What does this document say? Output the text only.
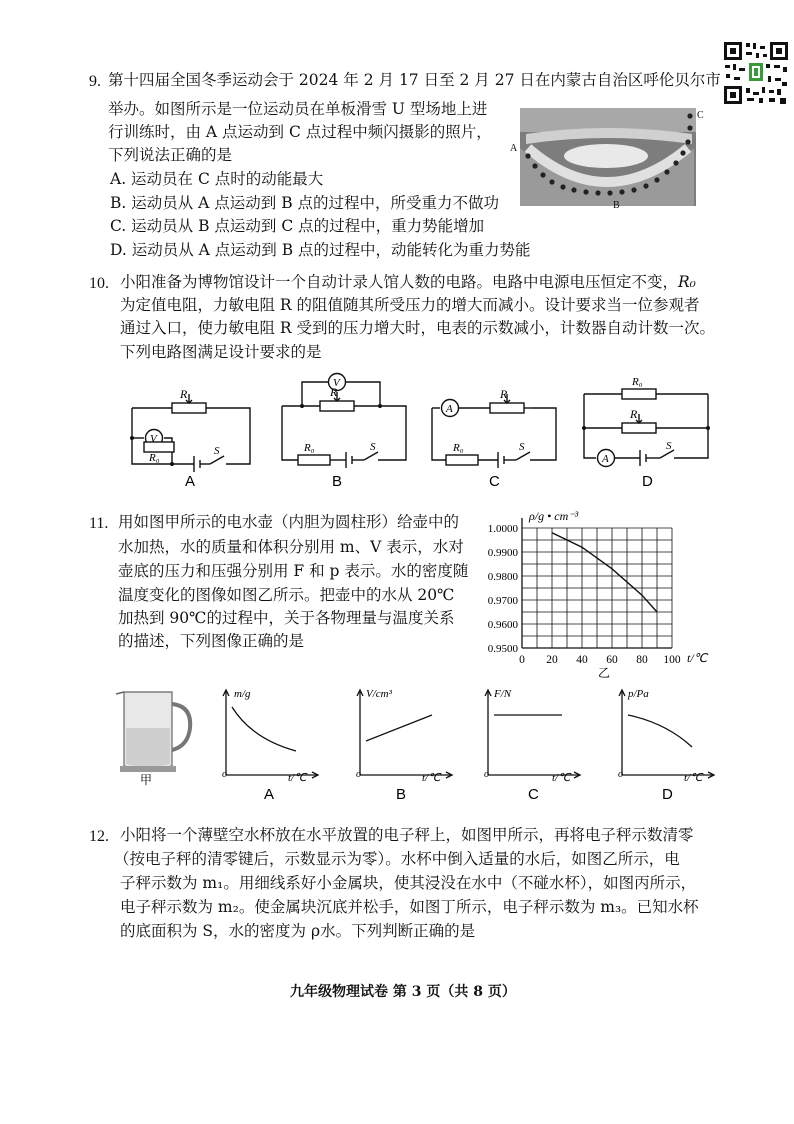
9. 第十四届全国冬季运动会于 2024 年 2 月 17 日至 2 月 27 日在内蒙古自治区呼伦贝尔市
举办。如图所示是一位运动员在单板滑雪 U 型场地上进
行训练时，由 A 点运动到 C 点过程中频闪摄影的照片，
下列说法正确的是
A. 运动员在 C 点时的动能最大
B. 运动员从 A 点运动到 B 点的过程中，所受重力不做功
C. 运动员从 B 点运动到 C 点的过程中，重力势能增加
D. 运动员从 A 点运动到 B 点的过程中，动能转化为重力势能
A
B
C
10. 小阳准备为博物馆设计一个自动计录人馆人数的电路。电路中电源电压恒定不变，R₀
为定值电阻，力敏电阻 R 的阻值随其所受压力的增大而减小。设计要求当一位参观者
通过入口，使力敏电阻 R 受到的压力增大时，电表的示数减小，计数器自动计数一次。
下列电路图满足设计要求的是
R
V
R₀
S
A
V
R
R₀	S
B
A
R
R₀	S
C
R₀
R
A
S
D
11. 用如图甲所示的电水壶（内胆为圆柱形）给壶中的
水加热，水的质量和体积分别用 m、V 表示，水对
壶底的压力和压强分别用 F 和 p 表示。水的密度随
温度变化的图像如图乙所示。把壶中的水从 20℃
加热到 90℃的过程中，关于各物理量与温度关系
的描述，下列图像正确的是
0 20 40 60 80 100
1.0000
0.9900
0.9800
0.9700
0.9600
0.9500
ρ/g • cm⁻³
t/℃
乙
甲
m/g
o	t/℃
A
V/cm³
o	t/℃
B
F/N
o	t/℃
C
p/Pa
o	t/℃
D
12. 小阳将一个薄壁空水杯放在水平放置的电子秤上，如图甲所示，再将电子秤示数清零
（按电子秤的清零键后，示数显示为零）。水杯中倒入适量的水后，如图乙所示，电
子秤示数为 m₁。用细线系好小金属块，使其浸没在水中（不碰水杯），如图丙所示，
电子秤示数为 m₂。使金属块沉底并松手，如图丁所示，电子秤示数为 m₃。已知水杯
的底面积为 S，水的密度为 ρ水。下列判断正确的是
九年级物理试卷 第 3 页（共 8 页）
